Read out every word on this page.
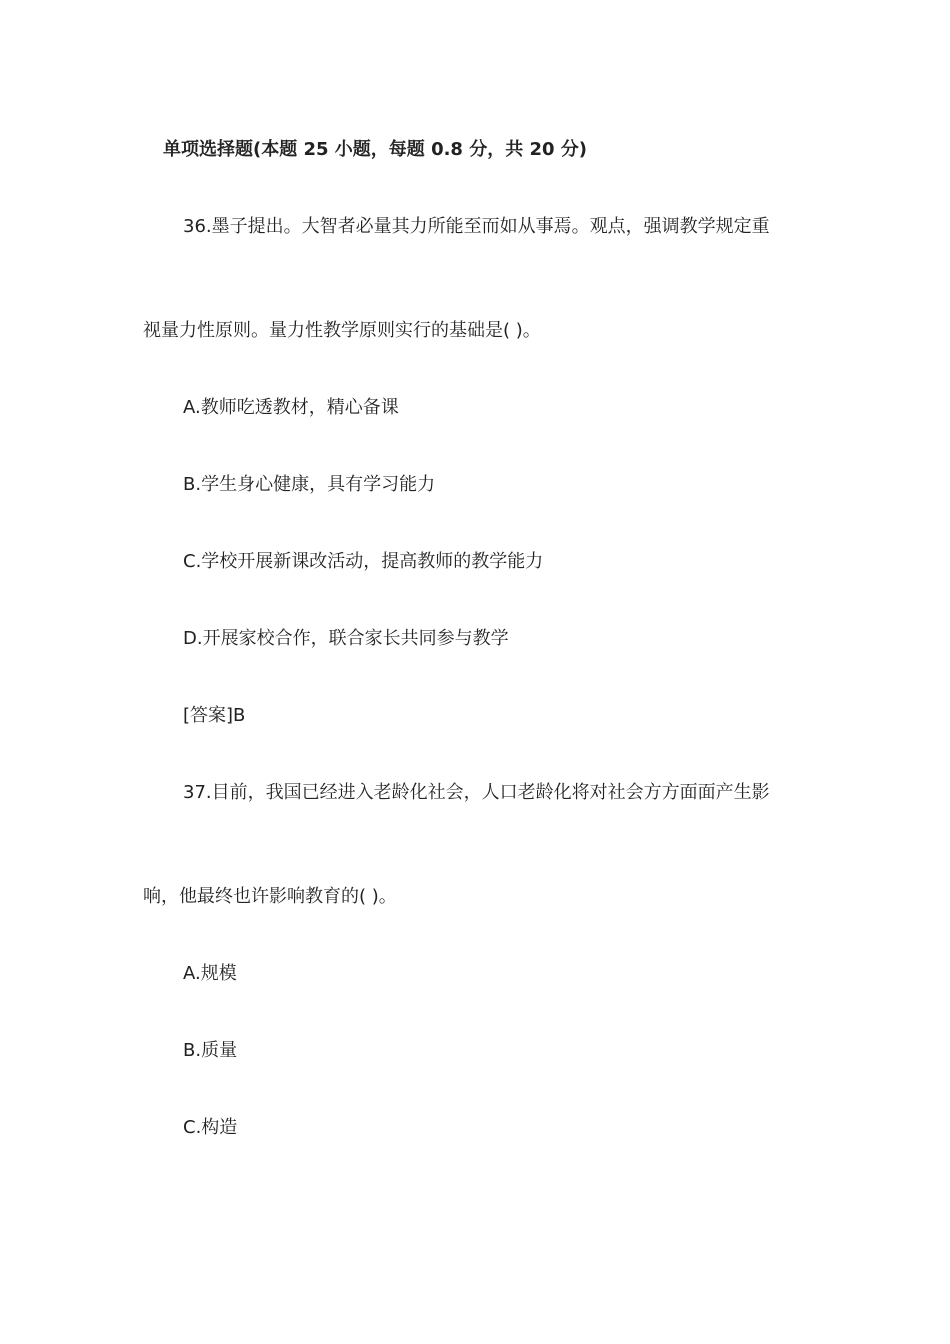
单项选择题(本题 25 小题，每题 0.8 分，共 20 分)
36.墨子提出。大智者必量其力所能至而如从事焉。观点，强调教学规定重
视量力性原则。量力性教学原则实行的基础是( )。
A.教师吃透教材，精心备课
B.学生身心健康，具有学习能力
C.学校开展新课改活动，提高教师的教学能力
D.开展家校合作，联合家长共同参与教学
[答案]B
37.目前，我国已经进入老龄化社会，人口老龄化将对社会方方面面产生影
响，他最终也许影响教育的( )。
A.规模
B.质量
C.构造
